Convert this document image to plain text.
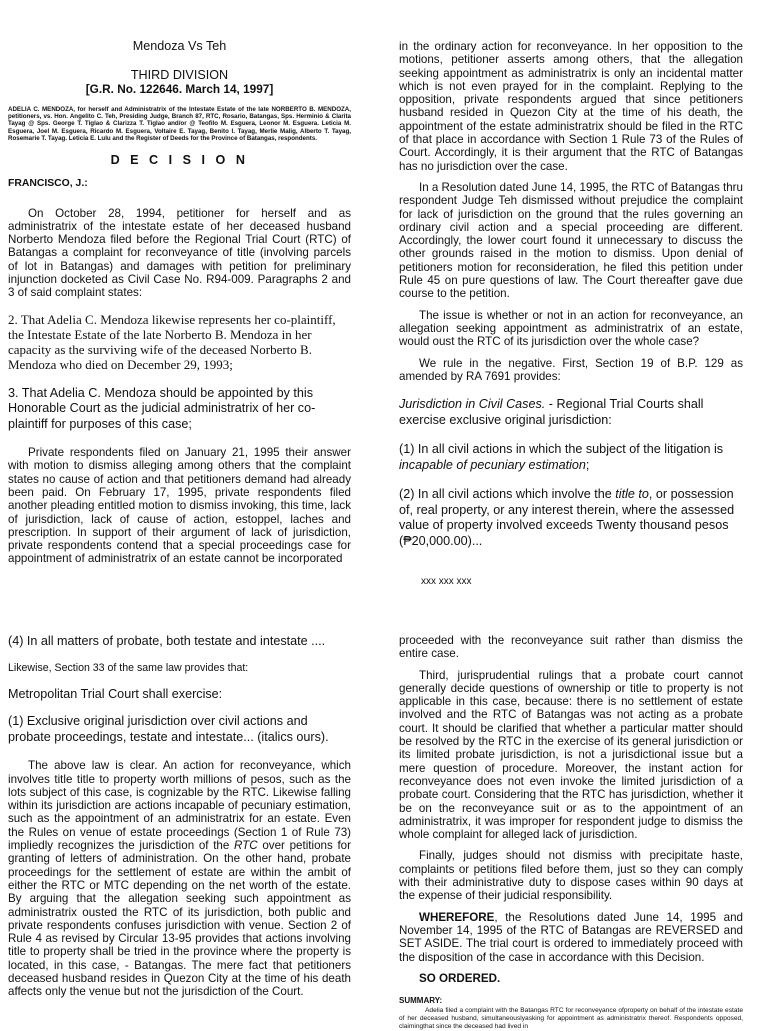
Mendoza Vs Teh

THIRD DIVISION

[G.R. No. 122646. March 14, 1997]

ADELIA C. MENDOZA, for herself and Administratrix of the Intestate Estate of the late NORBERTO B. MENDOZA, petitioners, vs. Hon. Angelito C. Teh, Presiding Judge, Branch 87, RTC, Rosario, Batangas, Sps. Herminio & Clarita Tayag @ Sps. George T. Tiglao & Clarizza T. Tiglao and/or @ Teofilo M. Esguera, Leonor M. Esguera. Leticia M. Esguera, Joel M. Esguera, Ricardo M. Esguera, Voltaire E. Tayag, Benito I. Tayag, Merlie Malig, Alberto T. Tayag, Rosemarie T. Tayag. Leticia E. Lulu and the Register of Deeds for the Province of Batangas, respondents.

D E C I S I O N

FRANCISCO, J.:

On October 28, 1994, petitioner for herself and as administratrix of the intestate estate of her deceased husband Norberto Mendoza filed before the Regional Trial Court (RTC) of Batangas a complaint for reconveyance of title (involving parcels of lot in Batangas) and damages with petition for preliminary injunction docketed as Civil Case No. R94-009. Paragraphs 2 and 3 of said complaint states:

2. That Adelia C. Mendoza likewise represents her co-plaintiff, the Intestate Estate of the late Norberto B. Mendoza in her capacity as the surviving wife of the deceased Norberto B. Mendoza who died on December 29, 1993;

3. That Adelia C. Mendoza should be appointed by this Honorable Court as the judicial administratrix of her co-plaintiff for purposes of this case;

Private respondents filed on January 21, 1995 their answer with motion to dismiss alleging among others that the complaint states no cause of action and that petitioners demand had already been paid. On February 17, 1995, private respondents filed another pleading entitled motion to dismiss invoking, this time, lack of jurisdiction, lack of cause of action, estoppel, laches and prescription. In support of their argument of lack of jurisdiction, private respondents contend that a special proceedings case for appointment of administratrix of an estate cannot be incorporated

in the ordinary action for reconveyance. In her opposition to the motions, petitioner asserts among others, that the allegation seeking appointment as administratrix is only an incidental matter which is not even prayed for in the complaint. Replying to the opposition, private respondents argued that since petitioners husband resided in Quezon City at the time of his death, the appointment of the estate administratrix should be filed in the RTC of that place in accordance with Section 1 Rule 73 of the Rules of Court. Accordingly, it is their argument that the RTC of Batangas has no jurisdiction over the case.

In a Resolution dated June 14, 1995, the RTC of Batangas thru respondent Judge Teh dismissed without prejudice the complaint for lack of jurisdiction on the ground that the rules governing an ordinary civil action and a special proceeding are different. Accordingly, the lower court found it unnecessary to discuss the other grounds raised in the motion to dismiss. Upon denial of petitioners motion for reconsideration, he filed this petition under Rule 45 on pure questions of law. The Court thereafter gave due course to the petition.

The issue is whether or not in an action for reconveyance, an allegation seeking appointment as administratrix of an estate, would oust the RTC of its jurisdiction over the whole case?

We rule in the negative. First, Section 19 of B.P. 129 as amended by RA 7691 provides:

Jurisdiction in Civil Cases. - Regional Trial Courts shall exercise exclusive original jurisdiction:

(1) In all civil actions in which the subject of the litigation is incapable of pecuniary estimation;

(2) In all civil actions which involve the title to, or possession of, real property, or any interest therein, where the assessed value of property involved exceeds Twenty thousand pesos (₱20,000.00)...

xxx xxx xxx

(4) In all matters of probate, both testate and intestate ....

Likewise, Section 33 of the same law provides that:

Metropolitan Trial Court shall exercise:

(1) Exclusive original jurisdiction over civil actions and probate proceedings, testate and intestate... (italics ours).

The above law is clear. An action for reconveyance, which involves title title to property worth millions of pesos, such as the lots subject of this case, is cognizable by the RTC. Likewise falling within its jurisdiction are actions incapable of pecuniary estimation, such as the appointment of an administratrix for an estate. Even the Rules on venue of estate proceedings (Section 1 of Rule 73) impliedly recognizes the jurisdiction of the RTC over petitions for granting of letters of administration. On the other hand, probate proceedings for the settlement of estate are within the ambit of either the RTC or MTC depending on the net worth of the estate. By arguing that the allegation seeking such appointment as administratrix ousted the RTC of its jurisdiction, both public and private respondents confuses jurisdiction with venue. Section 2 of Rule 4 as revised by Circular 13-95 provides that actions involving title to property shall be tried in the province where the property is located, in this case, - Batangas. The mere fact that petitioners deceased husband resides in Quezon City at the time of his death affects only the venue but not the jurisdiction of the Court.

proceeded with the reconveyance suit rather than dismiss the entire case.

Third, jurisprudential rulings that a probate court cannot generally decide questions of ownership or title to property is not applicable in this case, because: there is no settlement of estate involved and the RTC of Batangas was not acting as a probate court. It should be clarified that whether a particular matter should be resolved by the RTC in the exercise of its general jurisdiction or its limited probate jurisdiction, is not a jurisdictional issue but a mere question of procedure. Moreover, the instant action for reconveyance does not even invoke the limited jurisdiction of a probate court. Considering that the RTC has jurisdiction, whether it be on the reconveyance suit or as to the appointment of an administratrix, it was improper for respondent judge to dismiss the whole complaint for alleged lack of jurisdiction.

Finally, judges should not dismiss with precipitate haste, complaints or petitions filed before them, just so they can comply with their administrative duty to dispose cases within 90 days at the expense of their judicial responsibility.

WHEREFORE, the Resolutions dated June 14, 1995 and November 14, 1995 of the RTC of Batangas are REVERSED and SET ASIDE. The trial court is ordered to immediately proceed with the disposition of the case in accordance with this Decision.

SO ORDERED.

SUMMARY:

Adelia filed a complaint with the Batangas RTC for reconveyance ofproperty on behalf of the intestate estate of her deceased husband, simultaneouslyasking for appointment as administratrix thereof. Respondents opposed, claimingthat since the deceased had lived in
